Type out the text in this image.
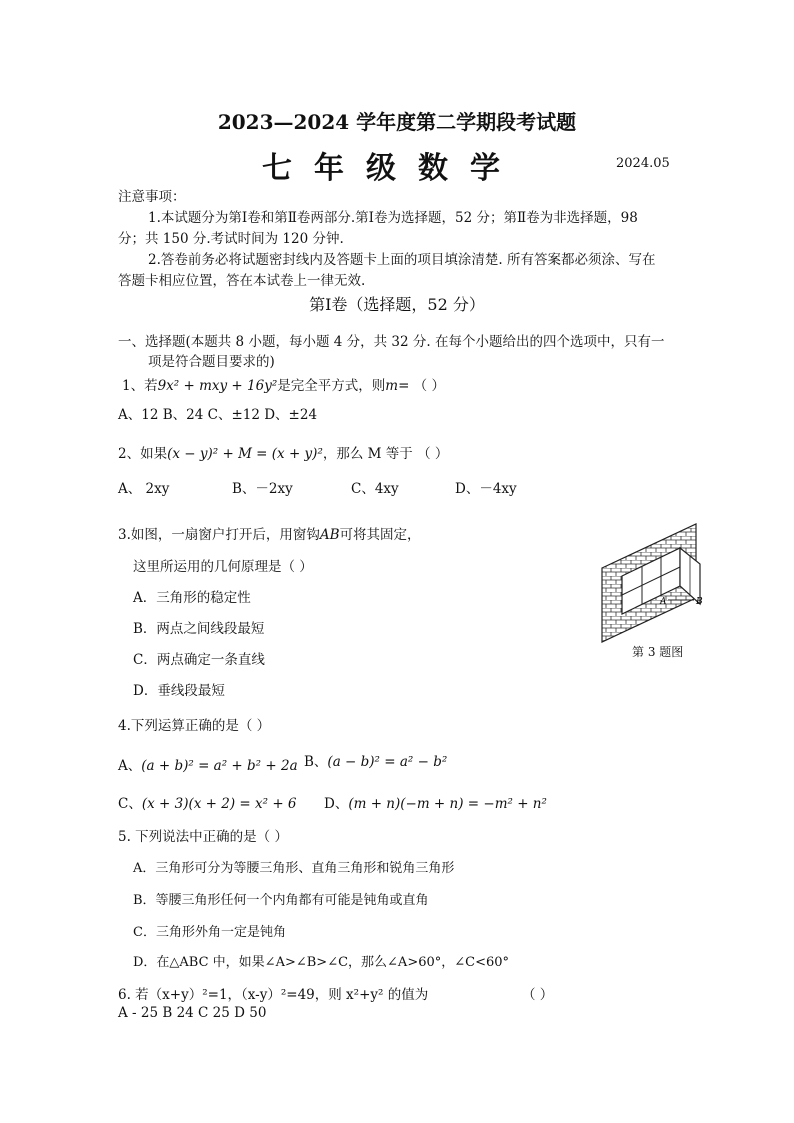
2023—2024 学年度第二学期段考试题
七年级数学	2024.05
注意事项：
1.本试题分为第Ⅰ卷和第Ⅱ卷两部分.第Ⅰ卷为选择题，52 分；第Ⅱ卷为非选择题，98
分；共 150 分.考试时间为 120 分钟.
2.答卷前务必将试题密封线内及答题卡上面的项目填涂清楚. 所有答案都必须涂、写在
答题卡相应位置，答在本试卷上一律无效.
第Ⅰ卷（选择题，52 分）
一、选择题(本题共 8 小题，每小题 4 分，共 32 分. 在每个小题给出的四个选项中，只有一
项是符合题目要求的)
1、若9x² + mxy + 16y²是完全平方式，则m= （ ）
A、12 B、24 C、±12 D、±24
2、如果(x − y)² + M = (x + y)²，那么 M 等于 （ ）
A、 2xy	B、－2xy	C、4xy	D、－4xy
3.如图，一扇窗户打开后，用窗钩AB可将其固定，
这里所运用的几何原理是（ ）
A．三角形的稳定性
B．两点之间线段最短
C．两点确定一条直线
D．垂线段最短
A	B
第 3 题图
4.下列运算正确的是（ ）
A、(a + b)² = a² + b² + 2a B、(a − b)² = a² − b²
C、(x + 3)(x + 2) = x² + 6 D、(m + n)(−m + n) = −m² + n²
5. 下列说法中正确的是（ ）
A．三角形可分为等腰三角形、直角三角形和锐角三角形
B．等腰三角形任何一个内角都有可能是钝角或直角
C．三角形外角一定是钝角
D．在△ABC 中，如果∠A>∠B>∠C，那么∠A>60°，∠C<60°
6. 若（x+y）²=1，（x-y）²=49，则 x²+y² 的值为	（ ）
A - 25 B 24 C 25 D 50
